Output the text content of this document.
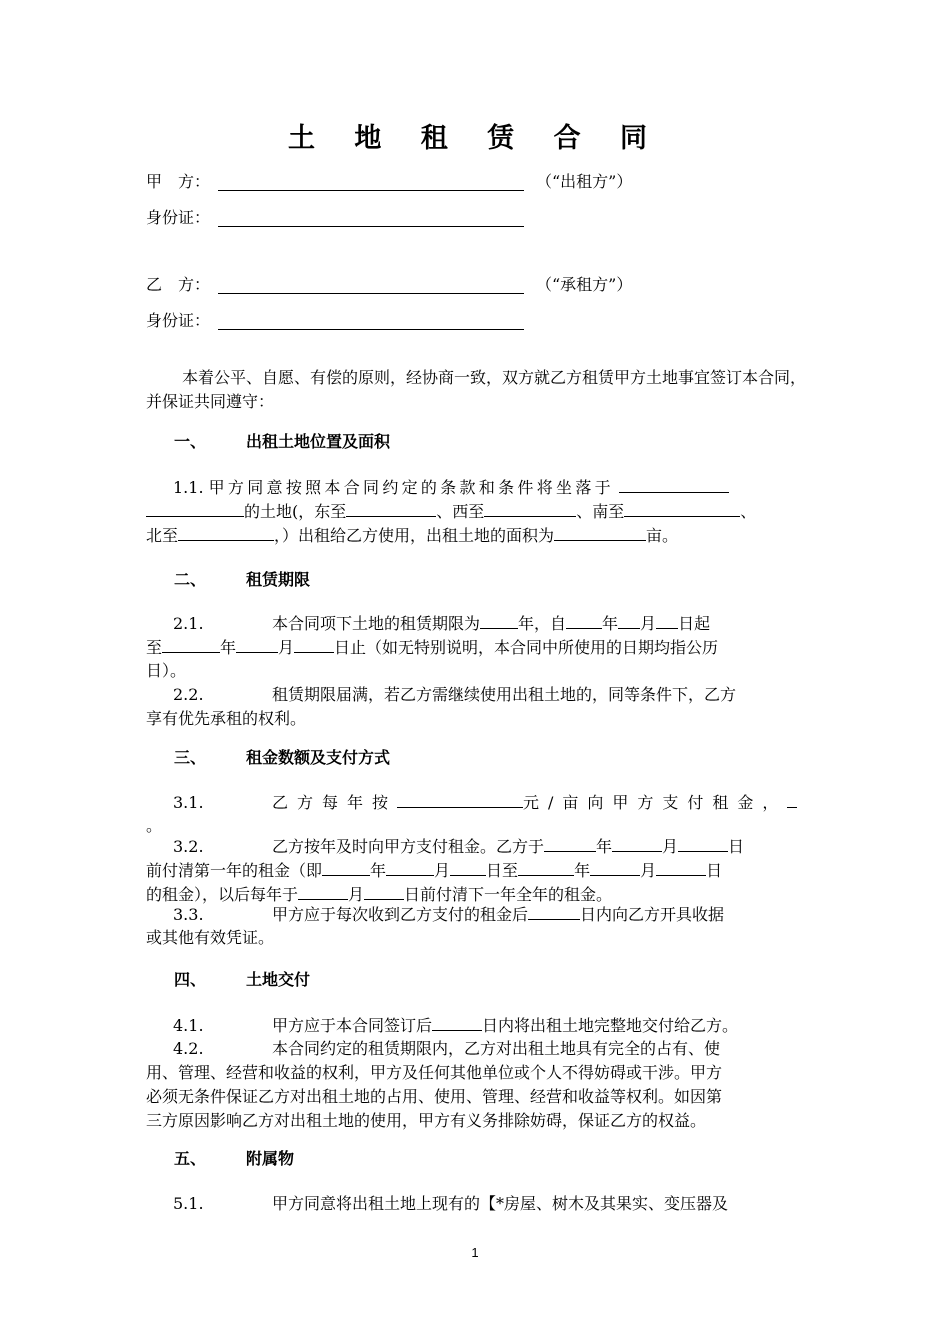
土 地 租 赁 合 同
甲　方：	（“出租方”）
身份证：
乙　方：	（“承租方”）
身份证：
本着公平、自愿、有偿的原则，经协商一致，双方就乙方租赁甲方土地事宜签订本合同，并保证共同遵守：
一、 出租土地位置及面积
1.1. 甲方同意按照本合同约定的条款和条件将坐落于
的土地(，东至	、西至	、南至	、
北至	，）出租给乙方使用，出租土地的面积为	亩。
二、 租赁期限
2.1.	本合同项下土地的租赁期限为 年，自 年 月 日起
至	年	月	日止（如无特别说明，本合同中所使用的日期均指公历
日）。
2.2.	租赁期限届满，若乙方需继续使用出租土地的，同等条件下，乙方
享有优先承租的权利。
三、 租金数额及支付方式
3.1.	乙方每年按	元/亩向甲方支付租金，
。
3.2.	乙方按年及时向甲方支付租金。乙方于	年	月	日
前付清第一年的租金（即	年	月 日至	年	月	日
的租金），以后每年于	月	日前付清下一年全年的租金。
3.3.	甲方应于每次收到乙方支付的租金后	日内向乙方开具收据
或其他有效凭证。
四、 土地交付
4.1.	甲方应于本合同签订后	日内将出租土地完整地交付给乙方。
4.2.	本合同约定的租赁期限内，乙方对出租土地具有完全的占有、使
用、管理、经营和收益的权利，甲方及任何其他单位或个人不得妨碍或干涉。甲方
必须无条件保证乙方对出租土地的占用、使用、管理、经营和收益等权利。如因第
三方原因影响乙方对出租土地的使用，甲方有义务排除妨碍，保证乙方的权益。
五、 附属物
5.1.	甲方同意将出租土地上现有的【*房屋、树木及其果实、变压器及
1
